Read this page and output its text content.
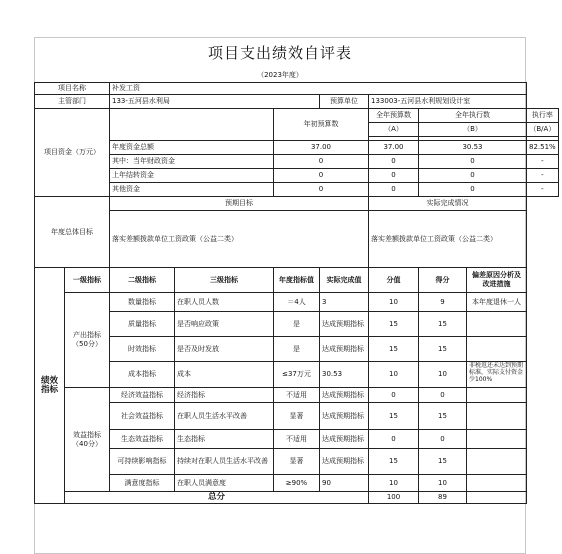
项目支出绩效自评表
（2023年度）
项目名称		补发工资							
主管部门		133-五河县水利局			预算单位	133003-五河县水利规划设计室			
项目资金（万元）				年初预算数		全年预算数	全年执行数		执行率
						（A）	（B）		（B/A）

		年度资金总额		37.00		37.00	30.53		82.51%
		其中：当年财政资金		0		0	0		-
		上年结转资金		0		0	0		-
		其他资金		0		0	0		-
年度总体目标		预期目标				实际完成情况			
		落实差额拨款单位工资政策（公益二类）				落实差额拨款单位工资政策（公益二类）			
绩效指标	一级指标	二级指标	三级指标	年度指标值	实际完成值	分值	得分	偏差原因分析及改进措施	
	产出指标（50分）	数量指标	在职人员人数	＝4人	3	10	9	本年度退休一人	
		质量指标	是否响应政策	是	达成预期指标	15	15		
		时效指标	是否及时发放	是	达成预期指标	15	15		
		成本指标	成本	≤37万元	30.53	10	10	非税返还未达到预期标准，实际支付资金少100%	
	效益指标（40分）	经济效益指标	经济指标	不适用	达成预期指标	0	0		
		社会效益指标	在职人员生活水平改善	显著	达成预期指标	15	15		
		生态效益指标	生态指标	不适用	达成预期指标	0	0		
		可持续影响指标	持续对在职人员生活水平改善	显著	达成预期指标	15	15		
		满意度指标	在职人员满意度	≥90%	90	10	10		
	总分					100	89		
